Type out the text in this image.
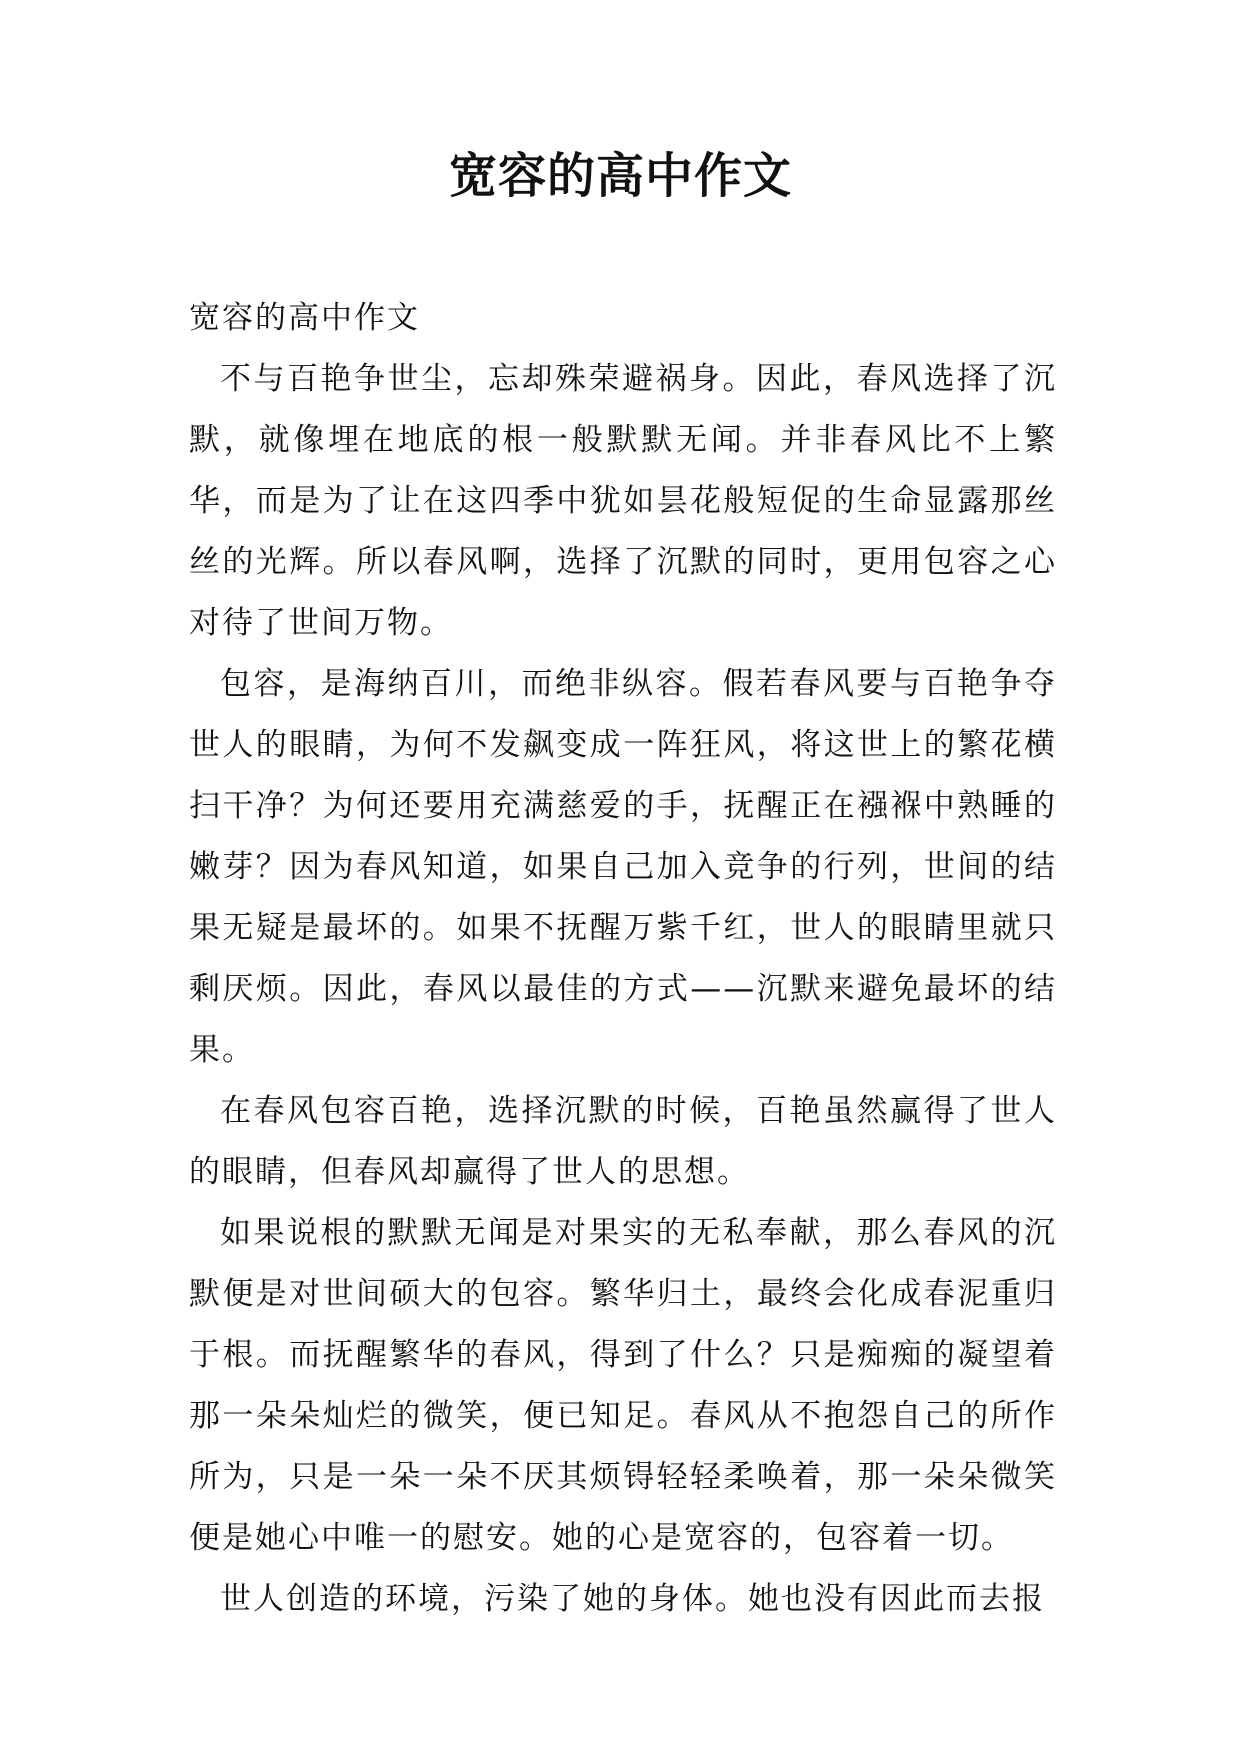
宽容的高中作文

宽容的高中作文

不与百艳争世尘，忘却殊荣避祸身。因此，春风选择了沉默，就像埋在地底的根一般默默无闻。并非春风比不上繁华，而是为了让在这四季中犹如昙花般短促的生命显露那丝丝的光辉。所以春风啊，选择了沉默的同时，更用包容之心对待了世间万物。

包容，是海纳百川，而绝非纵容。假若春风要与百艳争夺世人的眼睛，为何不发飙变成一阵狂风，将这世上的繁花横扫干净？为何还要用充满慈爱的手，抚醒正在襁褓中熟睡的嫩芽？因为春风知道，如果自己加入竞争的行列，世间的结果无疑是最坏的。如果不抚醒万紫千红，世人的眼睛里就只剩厌烦。因此，春风以最佳的方式——沉默来避免最坏的结果。

在春风包容百艳，选择沉默的时候，百艳虽然赢得了世人的眼睛，但春风却赢得了世人的思想。

如果说根的默默无闻是对果实的无私奉献，那么春风的沉默便是对世间硕大的包容。繁华归土，最终会化成春泥重归于根。而抚醒繁华的春风，得到了什么？只是痴痴的凝望着那一朵朵灿烂的微笑，便已知足。春风从不抱怨自己的所作所为，只是一朵一朵不厌其烦锝轻轻柔唤着，那一朵朵微笑便是她心中唯一的慰安。她的心是宽容的，包容着一切。

世人创造的环境，污染了她的身体。她也没有因此而去报
